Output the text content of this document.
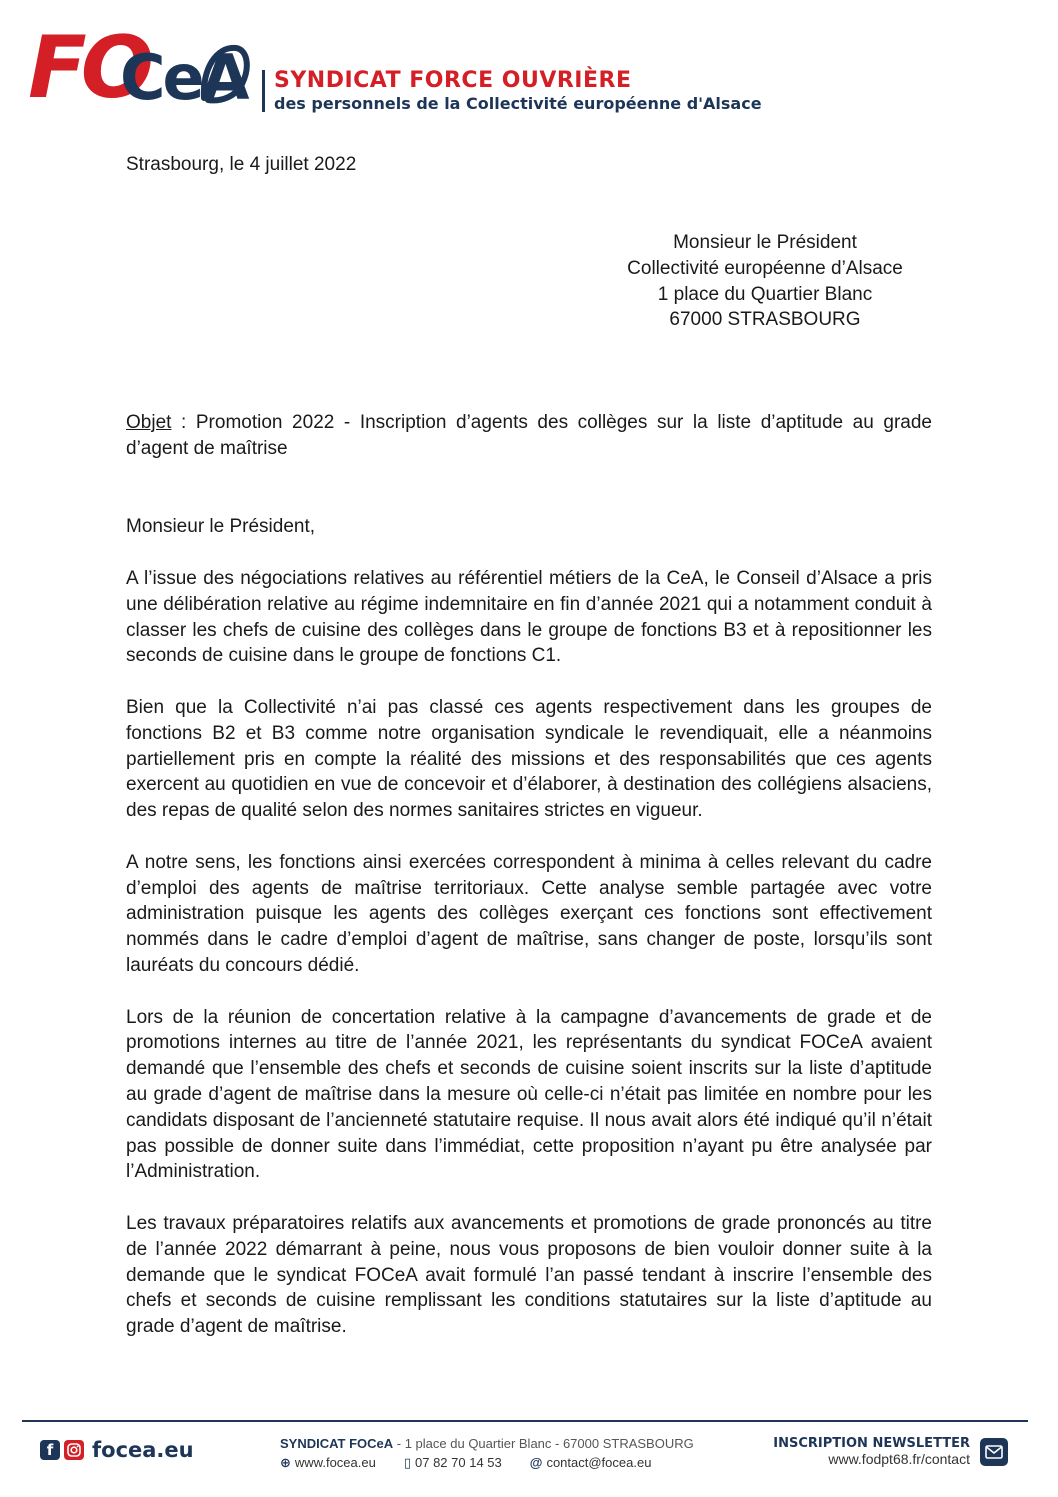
FO
CeA SYNDICAT FORCE OUVRIÈRE
des personnels de la Collectivité européenne d'Alsace
Strasbourg, le 4 juillet 2022
Monsieur le Président
Collectivité européenne d’Alsace
1 place du Quartier Blanc
67000 STRASBOURG
Objet : Promotion 2022 - Inscription d’agents des collèges sur la liste d’aptitude au grade d’agent de maîtrise
Monsieur le Président,

A l’issue des négociations relatives au référentiel métiers de la CeA, le Conseil d’Alsace a pris une délibération relative au régime indemnitaire en fin d’année 2021 qui a notamment conduit à classer les chefs de cuisine des collèges dans le groupe de fonctions B3 et à repositionner les seconds de cuisine dans le groupe de fonctions C1.

Bien que la Collectivité n’ai pas classé ces agents respectivement dans les groupes de fonctions B2 et B3 comme notre organisation syndicale le revendiquait, elle a néanmoins partiellement pris en compte la réalité des missions et des responsabilités que ces agents exercent au quotidien en vue de concevoir et d’élaborer, à destination des collégiens alsaciens, des repas de qualité selon des normes sanitaires strictes en vigueur.

A notre sens, les fonctions ainsi exercées correspondent à minima à celles relevant du cadre d’emploi des agents de maîtrise territoriaux. Cette analyse semble partagée avec votre administration puisque les agents des collèges exerçant ces fonctions sont effectivement nommés dans le cadre d’emploi d’agent de maîtrise, sans changer de poste, lorsqu’ils sont lauréats du concours dédié.

Lors de la réunion de concertation relative à la campagne d’avancements de grade et de promotions internes au titre de l’année 2021, les représentants du syndicat FOCeA avaient demandé que l’ensemble des chefs et seconds de cuisine soient inscrits sur la liste d’aptitude au grade d’agent de maîtrise dans la mesure où celle-ci n’était pas limitée en nombre pour les candidats disposant de l’ancienneté statutaire requise. Il nous avait alors été indiqué qu’il n’était pas possible de donner suite dans l’immédiat, cette proposition n’ayant pu être analysée par l’Administration.

Les travaux préparatoires relatifs aux avancements et promotions de grade prononcés au titre de l’année 2022 démarrant à peine, nous vous proposons de bien vouloir donner suite à la demande que le syndicat FOCeA avait formulé l’an passé tendant à inscrire l’ensemble des chefs et seconds de cuisine remplissant les conditions statutaires sur la liste d’aptitude au grade d’agent de maîtrise.

f	focea.eu	SYNDICAT FOCeA - 1 place du Quartier Blanc - 67000 STRASBOURG
⊕ www.focea.eu ▯ 07 82 70 14 53 @ contact@focea.eu
INSCRIPTION NEWSLETTER
www.fodpt68.fr/contact
